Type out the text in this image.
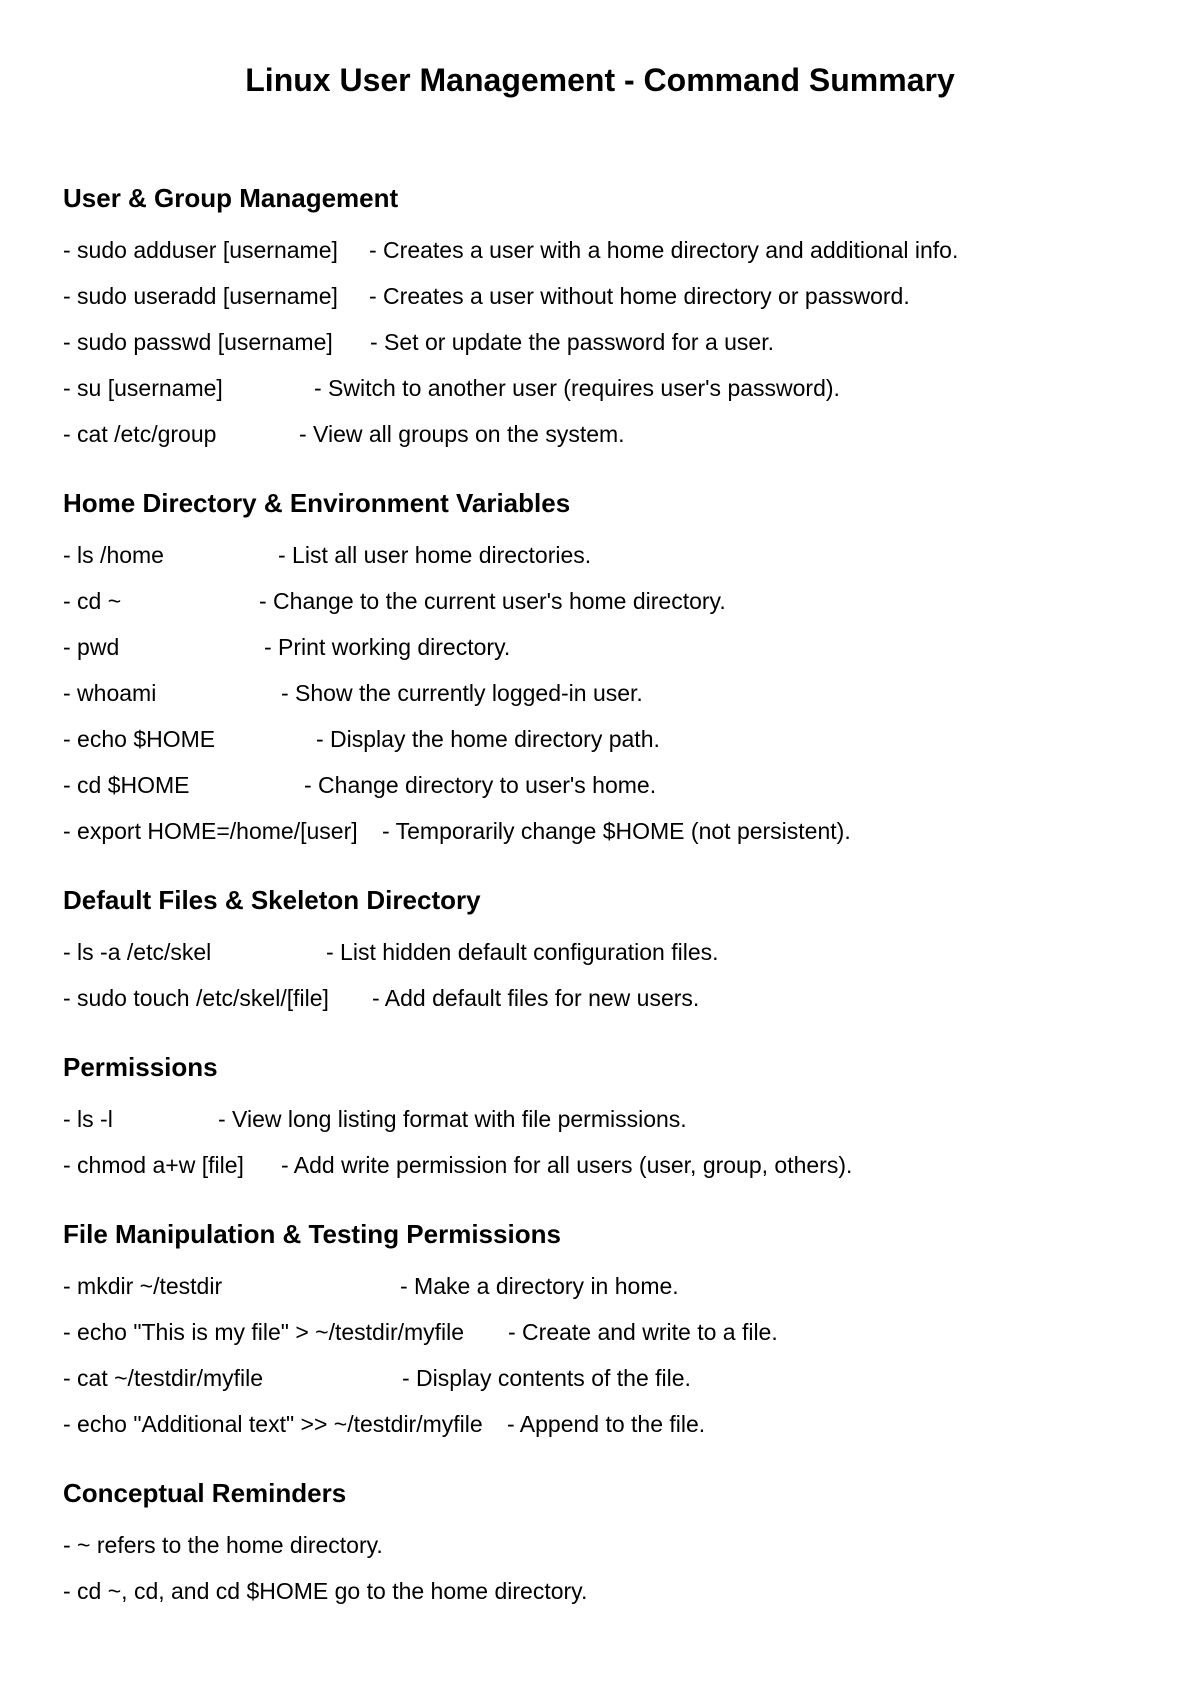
Linux User Management - Command Summary
User & Group Management
- sudo adduser [username] - Creates a user with a home directory and additional info.
- sudo useradd [username] - Creates a user without home directory or password.
- sudo passwd [username] - Set or update the password for a user.
- su [username]	- Switch to another user (requires user's password).
- cat /etc/group	- View all groups on the system.
Home Directory & Environment Variables
- ls /home	- List all user home directories.
- cd ~	- Change to the current user's home directory.
- pwd	- Print working directory.
- whoami	- Show the currently logged-in user.
- echo $HOME	- Display the home directory path.
- cd $HOME	- Change directory to user's home.
- export HOME=/home/[user] - Temporarily change $HOME (not persistent).
Default Files & Skeleton Directory
- ls -a /etc/skel	- List hidden default configuration files.
- sudo touch /etc/skel/[file] - Add default files for new users.
Permissions
- ls -l	- View long listing format with file permissions.
- chmod a+w [file] - Add write permission for all users (user, group, others).
File Manipulation & Testing Permissions
- mkdir ~/testdir	- Make a directory in home.
- echo "This is my file" > ~/testdir/myfile - Create and write to a file.
- cat ~/testdir/myfile	- Display contents of the file.
- echo "Additional text" >> ~/testdir/myfile - Append to the file.
Conceptual Reminders
- ~ refers to the home directory.
- cd ~, cd, and cd $HOME go to the home directory.
